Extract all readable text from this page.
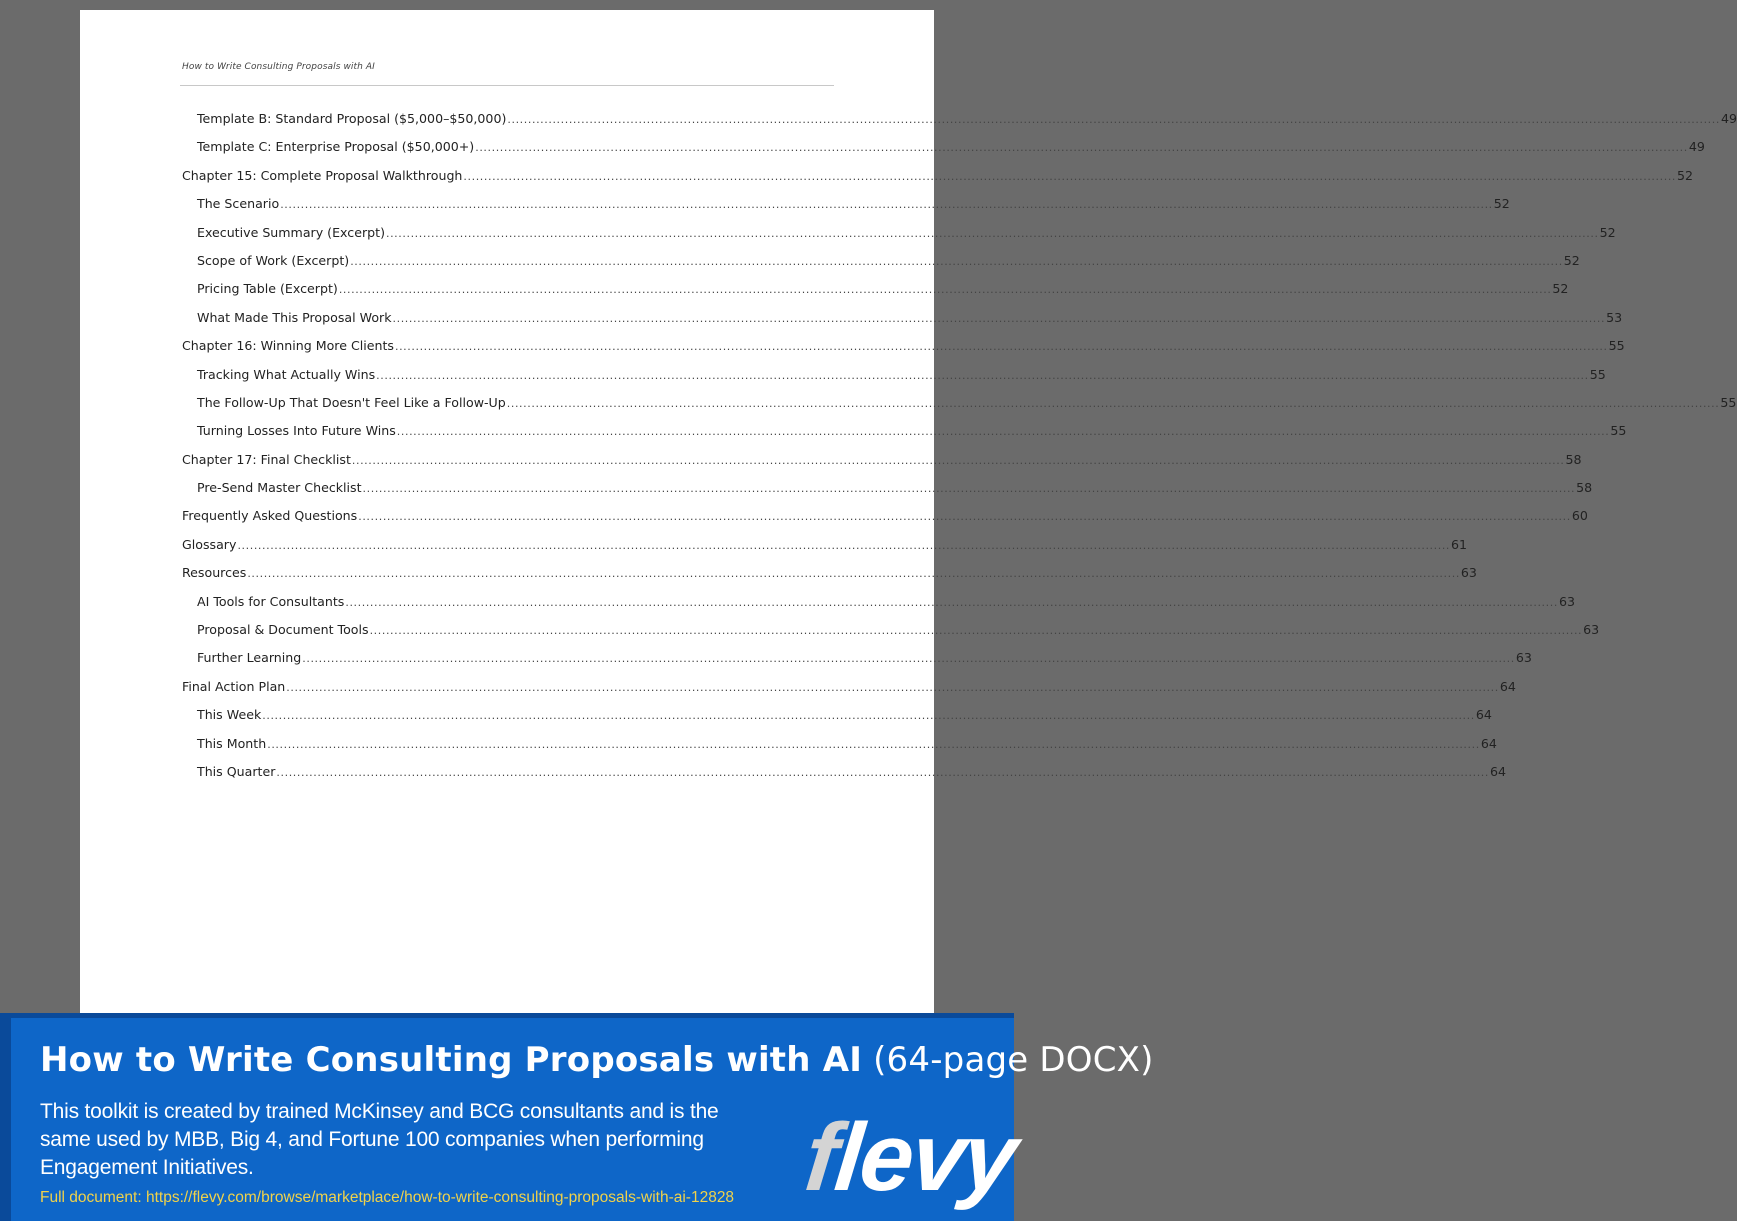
How to Write Consulting Proposals with AI
Template B: Standard Proposal ($5,000–$50,000) .....	49
Template C: Enterprise Proposal ($50,000+) .....	49
Chapter 15: Complete Proposal Walkthrough .....	52
The Scenario .....	52
Executive Summary (Excerpt) .....	52
Scope of Work (Excerpt) .....	52
Pricing Table (Excerpt) .....	52
What Made This Proposal Work .....	53
Chapter 16: Winning More Clients .....	55
Tracking What Actually Wins .....	55
The Follow-Up That Doesn't Feel Like a Follow-Up .....	55
Turning Losses Into Future Wins .....	55
Chapter 17: Final Checklist .....	58
Pre-Send Master Checklist .....	58
Frequently Asked Questions .....	60
Glossary .....	61
Resources .....	63
AI Tools for Consultants .....	63
Proposal & Document Tools .....	63
Further Learning .....	63
Final Action Plan .....	64
This Week .....	64
This Month .....	64
This Quarter .....	64
How to Write Consulting Proposals with AI (64-page DOCX)
This toolkit is created by trained McKinsey and BCG consultants and is the same used by MBB, Big 4, and Fortune 100 companies when performing Engagement Initiatives.
Full document: https://flevy.com/browse/marketplace/how-to-write-consulting-proposals-with-ai-12828 flevy
